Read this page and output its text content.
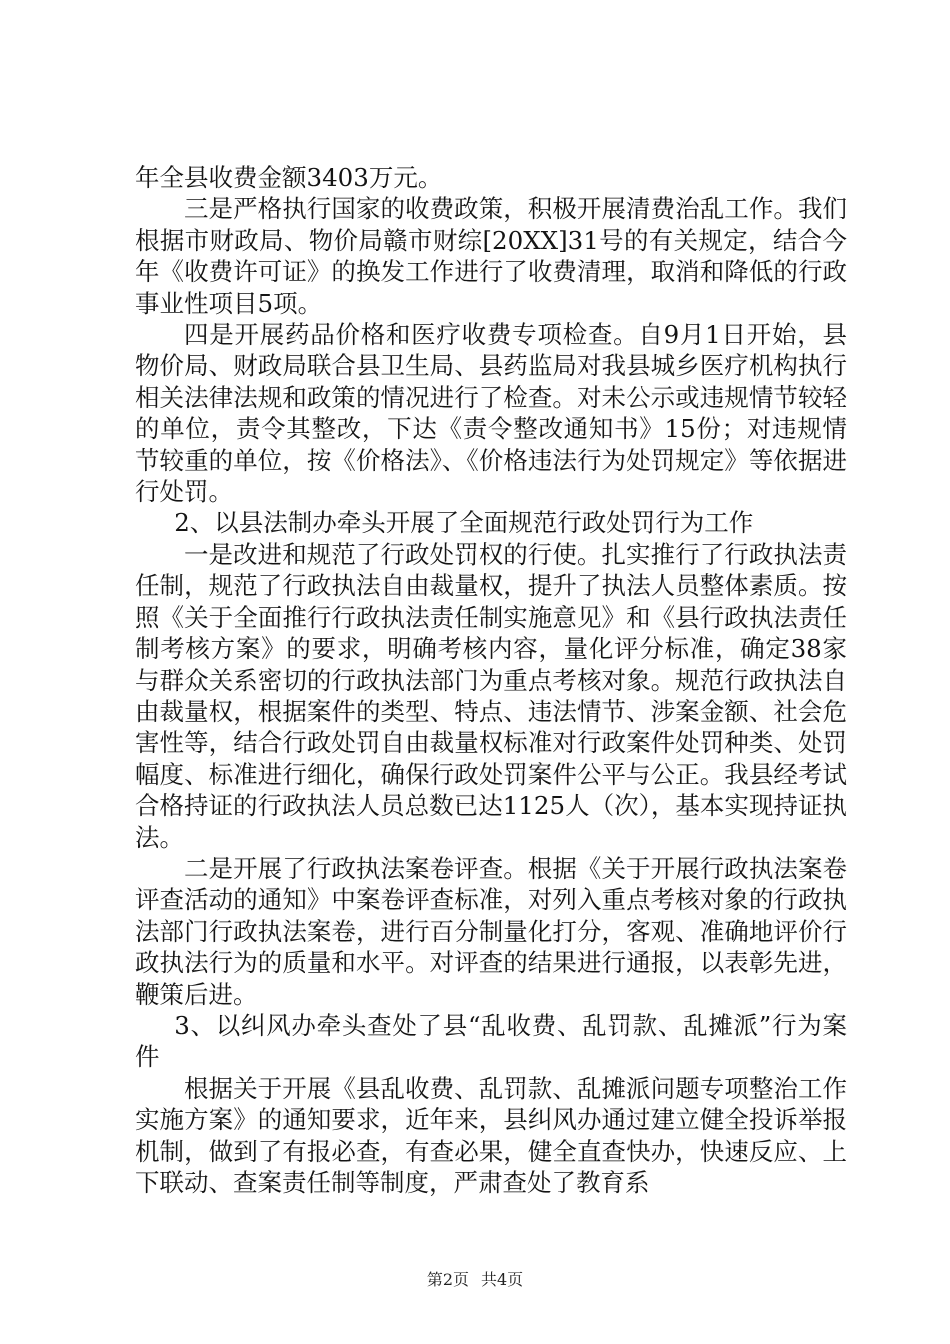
年全县收费金额3403万元。

三是严格执行国家的收费政策，积极开展清费治乱工作。我们根据市财政局、物价局赣市财综[20XX]31号的有关规定，结合今年《收费许可证》的换发工作进行了收费清理，取消和降低的行政事业性项目5项。

四是开展药品价格和医疗收费专项检查。自9月1日开始，县物价局、财政局联合县卫生局、县药监局对我县城乡医疗机构执行相关法律法规和政策的情况进行了检查。对未公示或违规情节较轻的单位，责令其整改，下达《责令整改通知书》15份；对违规情节较重的单位，按《价格法》、《价格违法行为处罚规定》等依据进行处罚。

2、以县法制办牵头开展了全面规范行政处罚行为工作

一是改进和规范了行政处罚权的行使。扎实推行了行政执法责任制，规范了行政执法自由裁量权，提升了执法人员整体素质。按照《关于全面推行行政执法责任制实施意见》和《县行政执法责任制考核方案》的要求，明确考核内容，量化评分标准，确定38家与群众关系密切的行政执法部门为重点考核对象。规范行政执法自由裁量权，根据案件的类型、特点、违法情节、涉案金额、社会危害性等，结合行政处罚自由裁量权标准对行政案件处罚种类、处罚幅度、标准进行细化，确保行政处罚案件公平与公正。我县经考试合格持证的行政执法人员总数已达1125人（次），基本实现持证执法。

二是开展了行政执法案卷评查。根据《关于开展行政执法案卷评查活动的通知》中案卷评查标准，对列入重点考核对象的行政执法部门行政执法案卷，进行百分制量化打分，客观、准确地评价行政执法行为的质量和水平。对评查的结果进行通报，以表彰先进，鞭策后进。

3、以纠风办牵头查处了县“乱收费、乱罚款、乱摊派”行为案件

根据关于开展《县乱收费、乱罚款、乱摊派问题专项整治工作实施方案》的通知要求，近年来，县纠风办通过建立健全投诉举报机制，做到了有报必查，有查必果，健全直查快办，快速反应、上下联动、查案责任制等制度，严肃查处了教育系

第2页 共4页
